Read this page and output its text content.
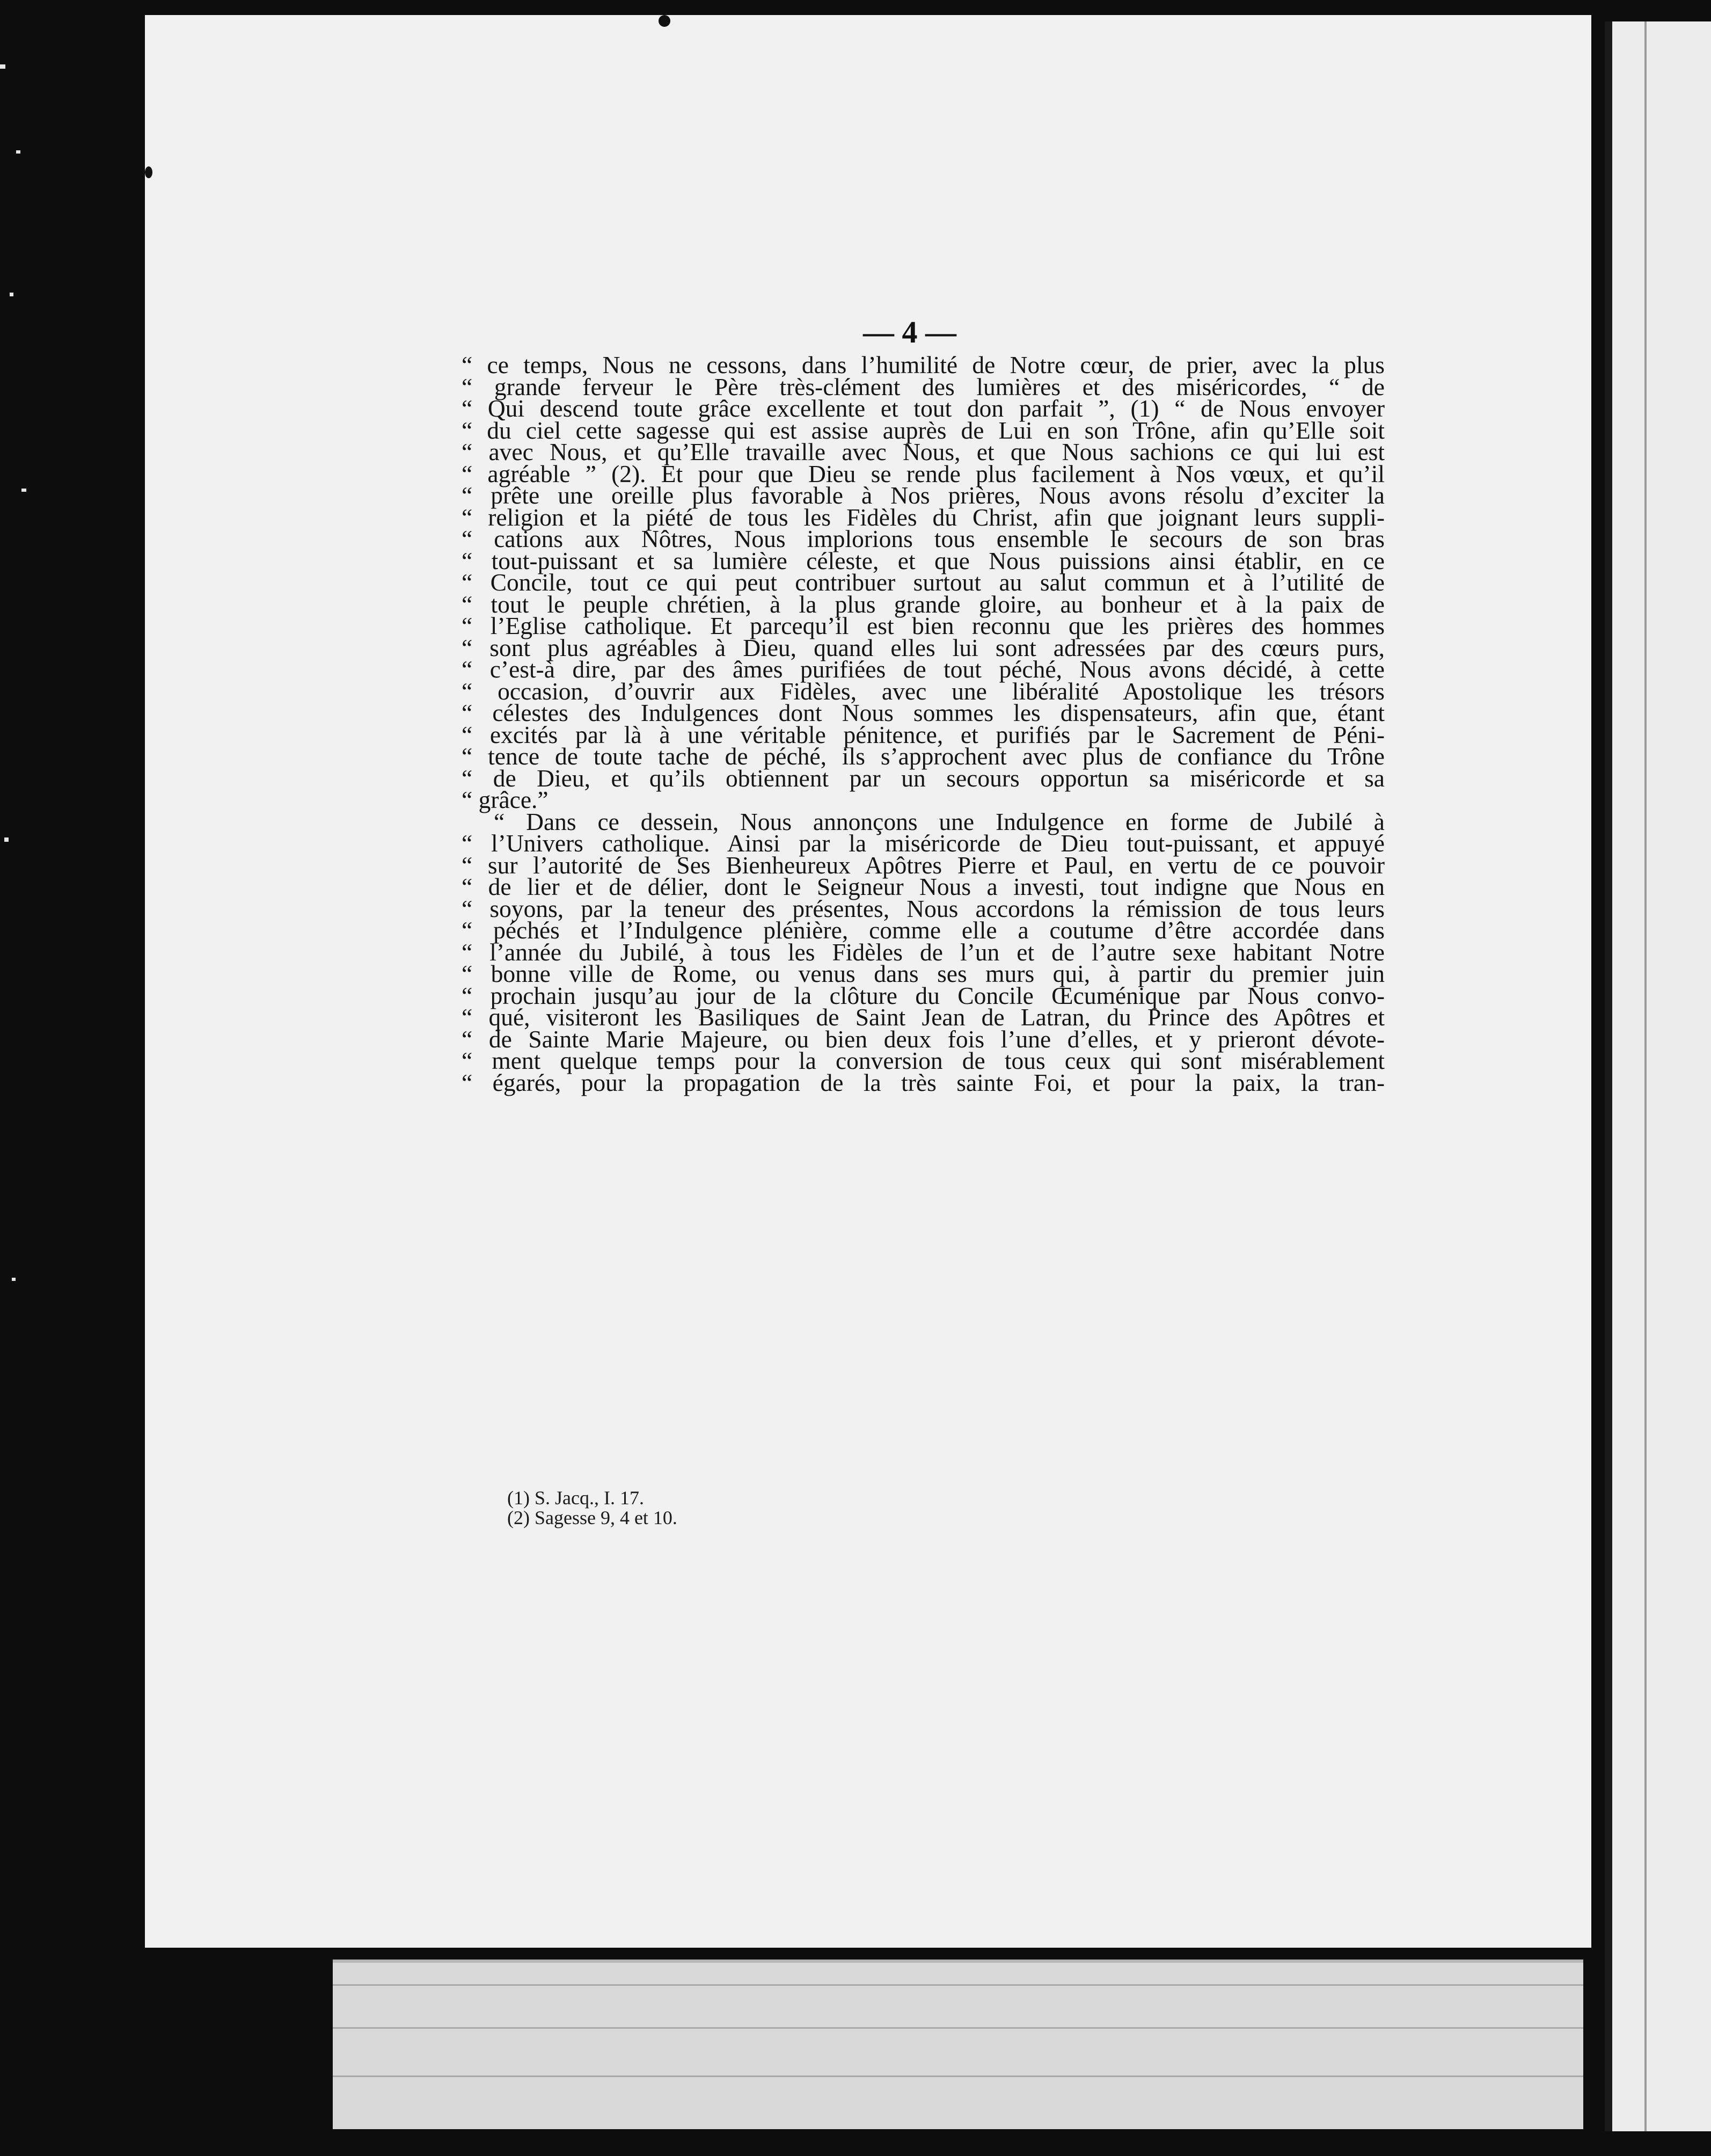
— 4 —
“ ce temps, Nous ne cessons, dans l’humilité de Notre cœur, de prier, avec la plus
“ grande ferveur le Père très-clément des lumières et des miséricordes, “ de
“ Qui descend toute grâce excellente et tout don parfait ”, (1) “ de Nous envoyer
“ du ciel cette sagesse qui est assise auprès de Lui en son Trône, afin qu’Elle soit
“ avec Nous, et qu’Elle travaille avec Nous, et que Nous sachions ce qui lui est
“ agréable ” (2). Et pour que Dieu se rende plus facilement à Nos vœux, et qu’il
“ prête une oreille plus favorable à Nos prières, Nous avons résolu d’exciter la
“ religion et la piété de tous les Fidèles du Christ, afin que joignant leurs suppli-
“ cations aux Nôtres, Nous implorions tous ensemble le secours de son bras
“ tout-puissant et sa lumière céleste, et que Nous puissions ainsi établir, en ce
“ Concile, tout ce qui peut contribuer surtout au salut commun et à l’utilité de
“ tout le peuple chrétien, à la plus grande gloire, au bonheur et à la paix de
“ l’Eglise catholique. Et parcequ’il est bien reconnu que les prières des hommes
“ sont plus agréables à Dieu, quand elles lui sont adressées par des cœurs purs,
“ c’est-à dire, par des âmes purifiées de tout péché, Nous avons décidé, à cette
“ occasion, d’ouvrir aux Fidèles, avec une libéralité Apostolique les trésors
“ célestes des Indulgences dont Nous sommes les dispensateurs, afin que, étant
“ excités par là à une véritable pénitence, et purifiés par le Sacrement de Péni-
“ tence de toute tache de péché, ils s’approchent avec plus de confiance du Trône
“ de Dieu, et qu’ils obtiennent par un secours opportun sa miséricorde et sa
“ grâce.”
“ Dans ce dessein, Nous annonçons une Indulgence en forme de Jubilé à
“ l’Univers catholique. Ainsi par la miséricorde de Dieu tout-puissant, et appuyé
“ sur l’autorité de Ses Bienheureux Apôtres Pierre et Paul, en vertu de ce pouvoir
“ de lier et de délier, dont le Seigneur Nous a investi, tout indigne que Nous en
“ soyons, par la teneur des présentes, Nous accordons la rémission de tous leurs
“ péchés et l’Indulgence plénière, comme elle a coutume d’être accordée dans
“ l’année du Jubilé, à tous les Fidèles de l’un et de l’autre sexe habitant Notre
“ bonne ville de Rome, ou venus dans ses murs qui, à partir du premier juin
“ prochain jusqu’au jour de la clôture du Concile Œcuménique par Nous convo-
“ qué, visiteront les Basiliques de Saint Jean de Latran, du Prince des Apôtres et
“ de Sainte Marie Majeure, ou bien deux fois l’une d’elles, et y prieront dévote-
“ ment quelque temps pour la conversion de tous ceux qui sont misérablement
“ égarés, pour la propagation de la très sainte Foi, et pour la paix, la tran-
(1) S. Jacq., I. 17.
(2) Sagesse 9, 4 et 10.
